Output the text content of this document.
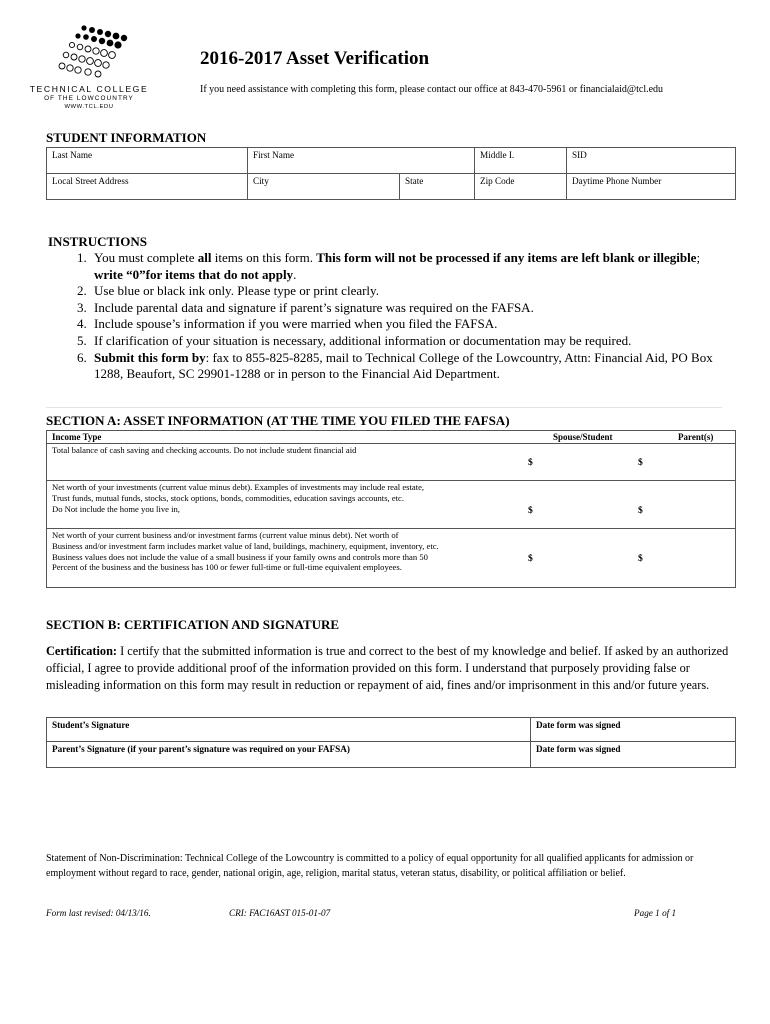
TECHNICAL COLLEGE
OF THE LOWCOUNTRY
WWW.TCL.EDU
2016-2017 Asset Verification
If you need assistance with completing this form, please contact our office at 843-470-5961 or financialaid@tcl.edu
STUDENT INFORMATION
Last Name	First Name		Middle I.	SID
Local Street Address	City	State	Zip Code	Daytime Phone Number
INSTRUCTIONS
1. You must complete all items on this form. This form will not be processed if any items are left blank or illegible; write “0”for items that do not apply.
2. Use blue or black ink only. Please type or print clearly.
3. Include parental data and signature if parent’s signature was required on the FAFSA.
4. Include spouse’s information if you were married when you filed the FAFSA.
5. If clarification of your situation is necessary, additional information or documentation may be required.
6. Submit this form by: fax to 855-825-8285, mail to Technical College of the Lowcountry, Attn: Financial Aid, PO Box 1288, Beaufort, SC 29901-1288 or in person to the Financial Aid Department.
SECTION A: ASSET INFORMATION (AT THE TIME YOU FILED THE FAFSA)
Income Type	Spouse/Student	Parent(s)
Total balance of cash saving and checking accounts. Do not include student financial aid
$	$
Net worth of your investments (current value minus debt). Examples of investments may include real estate,
Trust funds, mutual funds, stocks, stock options, bonds, commodities, education savings accounts, etc.
Do Not include the home you live in,	$	$
Net worth of your current business and/or investment farms (current value minus debt). Net worth of
Business and/or investment farm includes market value of land, buildings, machinery, equipment, inventory, etc.
Business values does not include the value of a small business if your family owns and controls more than 50
Percent of the business and the business has 100 or fewer full-time or full-time equivalent employees.
$	$
SECTION B: CERTIFICATION AND SIGNATURE
Certification: I certify that the submitted information is true and correct to the best of my knowledge and belief. If asked by an authorized official, I agree to provide additional proof of the information provided on this form. I understand that purposely providing false or misleading information on this form may result in reduction or repayment of aid, fines and/or imprisonment in this and/or future years.
Student’s Signature	Date form was signed
Parent’s Signature (if your parent’s signature was required on your FAFSA)	Date form was signed
Statement of Non-Discrimination: Technical College of the Lowcountry is committed to a policy of equal opportunity for all qualified applicants for admission or employment without regard to race, gender, national origin, age, religion, marital status, veteran status, disability, or political affiliation or belief.
Form last revised: 04/13/16.	CRI: FAC16AST 015-01-07	Page 1 of 1
